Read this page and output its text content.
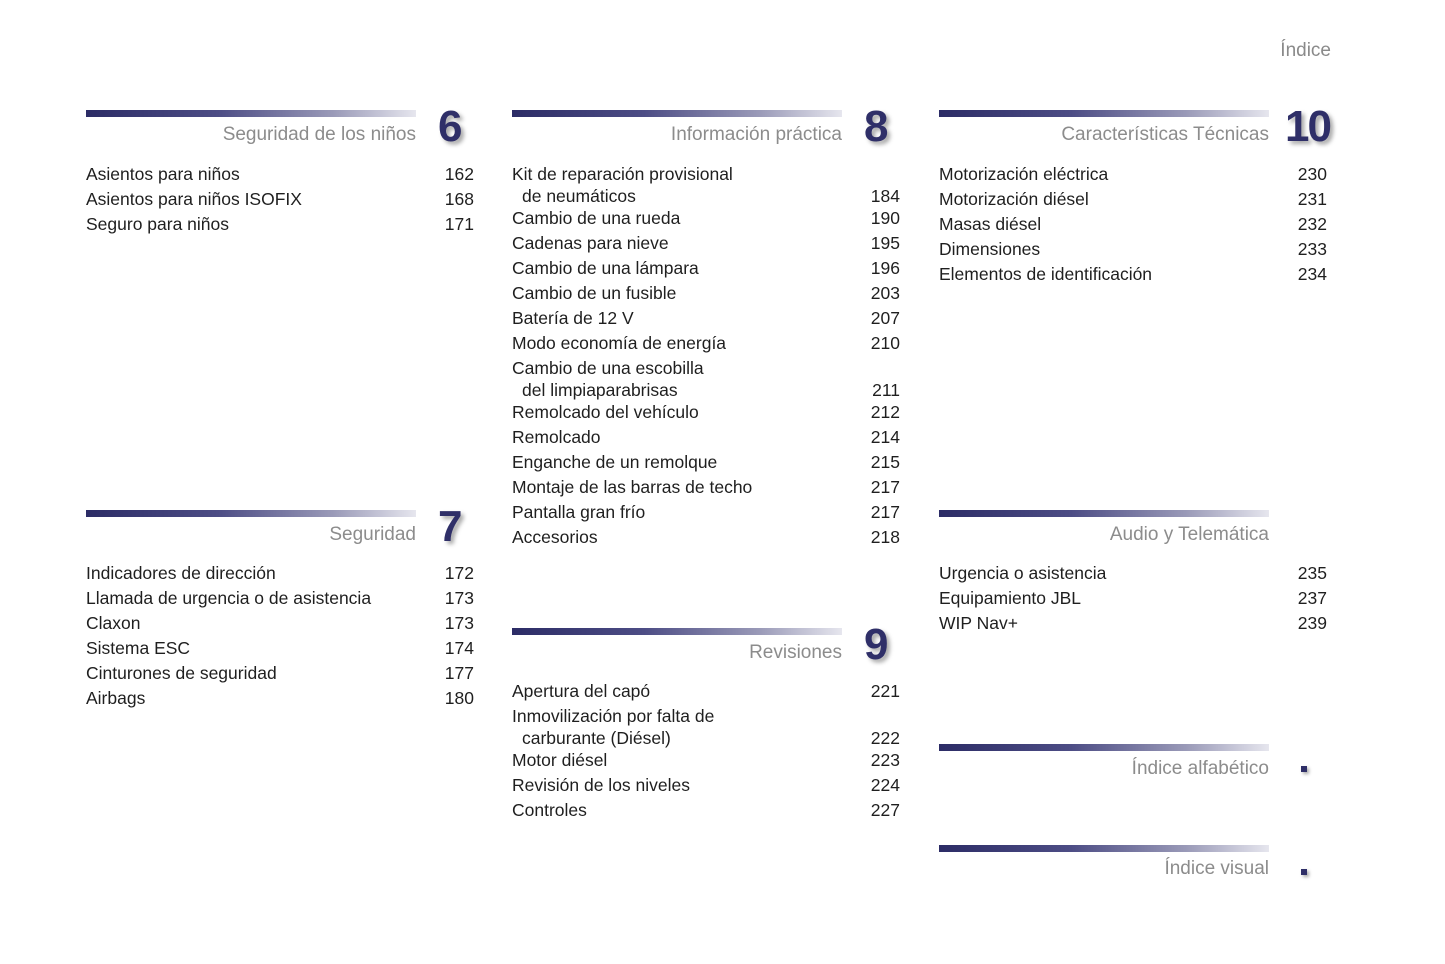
Índice
Seguridad de los niños 6
Asientos para niños	162
Asientos para niños ISOFIX	168
Seguro para niños	171
Seguridad 7
Indicadores de dirección	172
Llamada de urgencia o de asistencia	173
Claxon	173
Sistema ESC	174
Cinturones de seguridad	177
Airbags	180
Información práctica 8
Kit de reparación provisional
de neumáticos	184
Cambio de una rueda	190
Cadenas para nieve	195
Cambio de una lámpara	196
Cambio de un fusible	203
Batería de 12 V	207
Modo economía de energía	210
Cambio de una escobilla
del limpiaparabrisas	211
Remolcado del vehículo	212
Remolcado	214
Enganche de un remolque	215
Montaje de las barras de techo	217
Pantalla gran frío	217
Accesorios	218
Revisiones 9
Apertura del capó	221
Inmovilización por falta de
carburante (Diésel)	222
Motor diésel	223
Revisión de los niveles	224
Controles	227
Características Técnicas 10
Motorización eléctrica	230
Motorización diésel	231
Masas diésel	232
Dimensiones	233
Elementos de identificación	234
Audio y Telemática
Urgencia o asistencia	235
Equipamiento JBL	237
WIP Nav+	239
Índice alfabético
Índice visual
